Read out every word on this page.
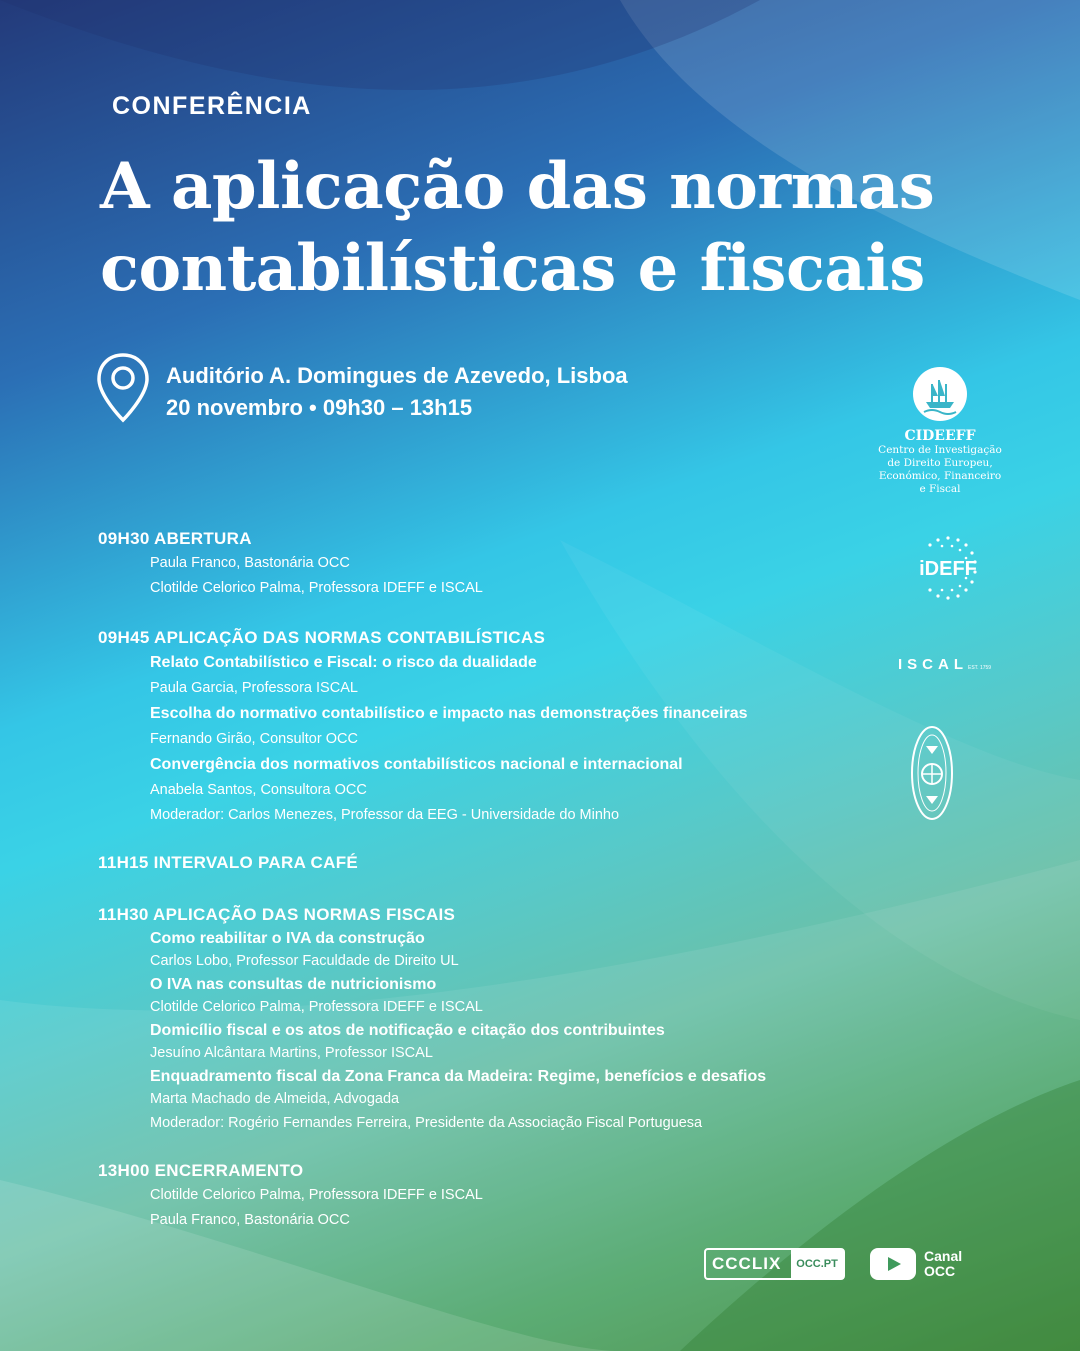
CONFERÊNCIA
A aplicação das normas
contabilísticas e fiscais
Auditório A. Domingues de Azevedo, Lisboa
20 novembro • 09h30 – 13h15
09H30 ABERTURA
Paula Franco, Bastonária OCC
Clotilde Celorico Palma, Professora IDEFF e ISCAL
09H45 APLICAÇÃO DAS NORMAS CONTABILÍSTICAS
Relato Contabilístico e Fiscal: o risco da dualidade
Paula Garcia, Professora ISCAL
Escolha do normativo contabilístico e impacto nas demonstrações financeiras
Fernando Girão, Consultor OCC
Convergência dos normativos contabilísticos nacional e internacional
Anabela Santos, Consultora OCC
Moderador: Carlos Menezes, Professor da EEG - Universidade do Minho
11H15 INTERVALO PARA CAFÉ
11H30 APLICAÇÃO DAS NORMAS FISCAIS
Como reabilitar o IVA da construção
Carlos Lobo, Professor Faculdade de Direito UL
O IVA nas consultas de nutricionismo
Clotilde Celorico Palma, Professora IDEFF e ISCAL
Domicílio fiscal e os atos de notificação e citação dos contribuintes
Jesuíno Alcântara Martins, Professor ISCAL
Enquadramento fiscal da Zona Franca da Madeira: Regime, benefícios e desafios
Marta Machado de Almeida, Advogada
Moderador: Rogério Fernandes Ferreira, Presidente da Associação Fiscal Portuguesa
13H00 ENCERRAMENTO
Clotilde Celorico Palma, Professora IDEFF e ISCAL
Paula Franco, Bastonária OCC
CIDEEFF
Centro de Investigação
de Direito Europeu,
Económico, Financeiro
e Fiscal
iDEFF
ISCALEST. 1759
CCCLIX	OCC.PT	Canal
OCC
